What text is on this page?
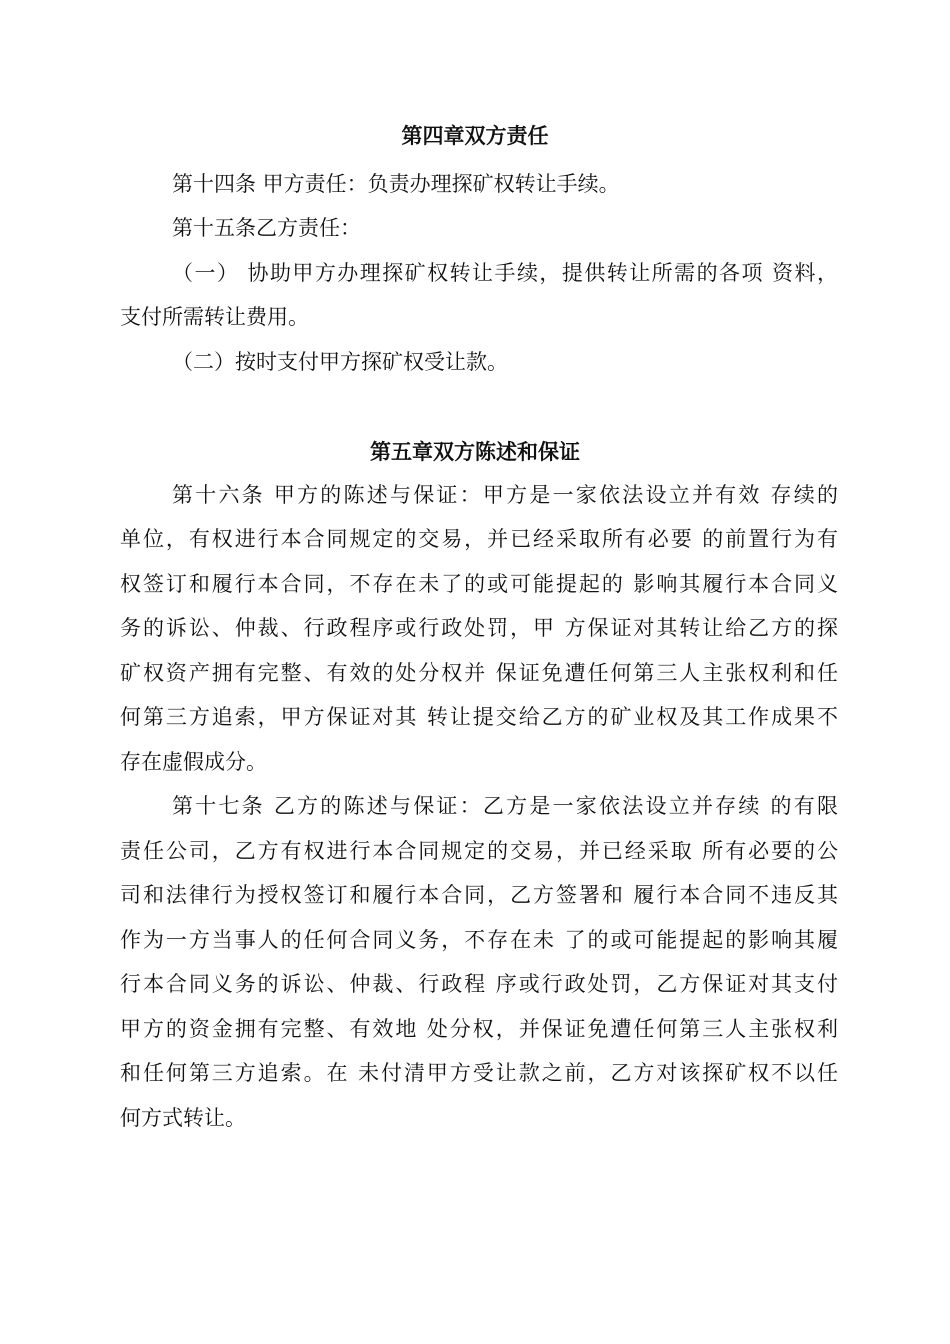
第四章双方责任

第十四条 甲方责任：负责办理探矿权转让手续。

第十五条乙方责任：

（一） 协助甲方办理探矿权转让手续，提供转让所需的各项 资料，

支付所需转让费用。

（二）按时支付甲方探矿权受让款。

第五章双方陈述和保证

第十六条 甲方的陈述与保证：甲方是一家依法设立并有效 存续的

单位，有权进行本合同规定的交易，并已经采取所有必要 的前置行为有

权签订和履行本合同，不存在未了的或可能提起的 影响其履行本合同义

务的诉讼、仲裁、行政程序或行政处罚，甲 方保证对其转让给乙方的探

矿权资产拥有完整、有效的处分权并 保证免遭任何第三人主张权利和任

何第三方追索，甲方保证对其 转让提交给乙方的矿业权及其工作成果不

存在虚假成分。

第十七条 乙方的陈述与保证：乙方是一家依法设立并存续 的有限

责任公司，乙方有权进行本合同规定的交易，并已经采取 所有必要的公

司和法律行为授权签订和履行本合同，乙方签署和 履行本合同不违反其

作为一方当事人的任何合同义务，不存在未 了的或可能提起的影响其履

行本合同义务的诉讼、仲裁、行政程 序或行政处罚，乙方保证对其支付

甲方的资金拥有完整、有效地 处分权，并保证免遭任何第三人主张权利

和任何第三方追索。在 未付清甲方受让款之前，乙方对该探矿权不以任

何方式转让。
